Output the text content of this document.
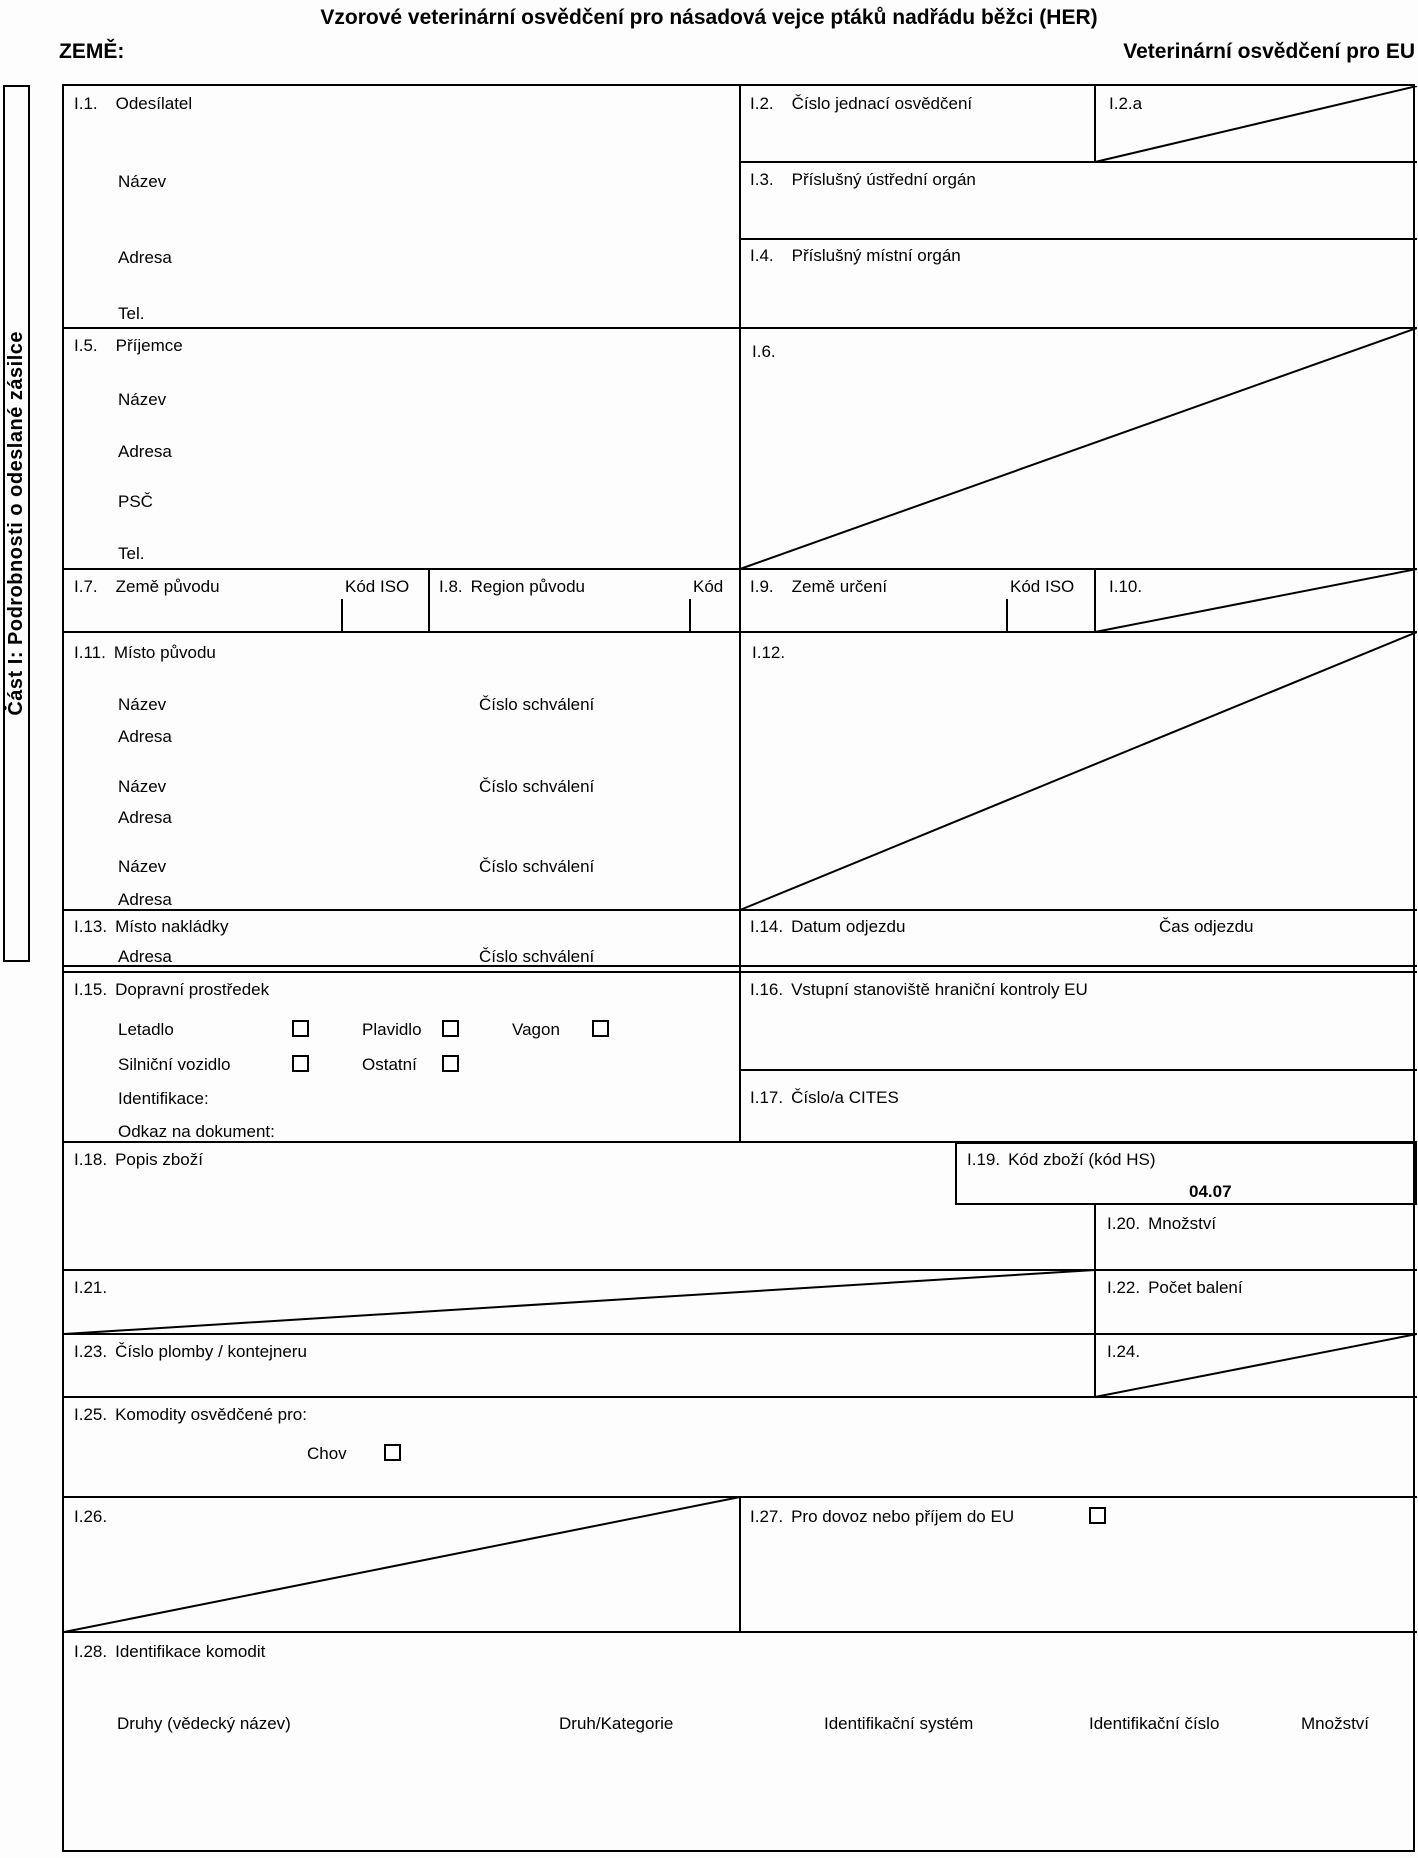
Vzorové veterinární osvědčení pro násadová vejce ptáků nadřádu běžci (HER)
ZEMĚ:	Veterinární osvědčení pro EU
Část I: Podrobnosti o odeslané zásilce
I.1. Odesílatel
Název
Adresa
Tel.
I.2. Číslo jednací osvědčení	I.2.a
I.3. Příslušný ústřední orgán
I.4. Příslušný místní orgán
I.5. Příjemce
Název
Adresa
PSČ
Tel.
I.6.
I.7. Země původu	Kód ISO I.8. Region původu	Kód I.9. Země určení	Kód ISO I.10.
I.11. Místo původu
Název	Číslo schválení
Adresa
Název	Číslo schválení
Adresa
Název	Číslo schválení
Adresa
I.12.
I.13. Místo nakládky
Adresa	Číslo schválení
I.14. Datum odjezdu	Čas odjezdu
I.15. Dopravní prostředek
Letadlo	Plavidlo	Vagon
Silniční vozidlo	Ostatní
Identifikace:
Odkaz na dokument:
I.16. Vstupní stanoviště hraniční kontroly EU
I.17. Číslo/a CITES
I.18. Popis zboží	I.19. Kód zboží (kód HS)
04.07
I.20. Množství
I.21.	I.22. Počet balení
I.23. Číslo plomby / kontejneru	I.24.
I.25. Komodity osvědčené pro:
Chov
I.26.	I.27. Pro dovoz nebo příjem do EU
I.28. Identifikace komodit
Druhy (vědecký název)	Druh/Kategorie	Identifikační systém	Identifikační číslo	Množství
